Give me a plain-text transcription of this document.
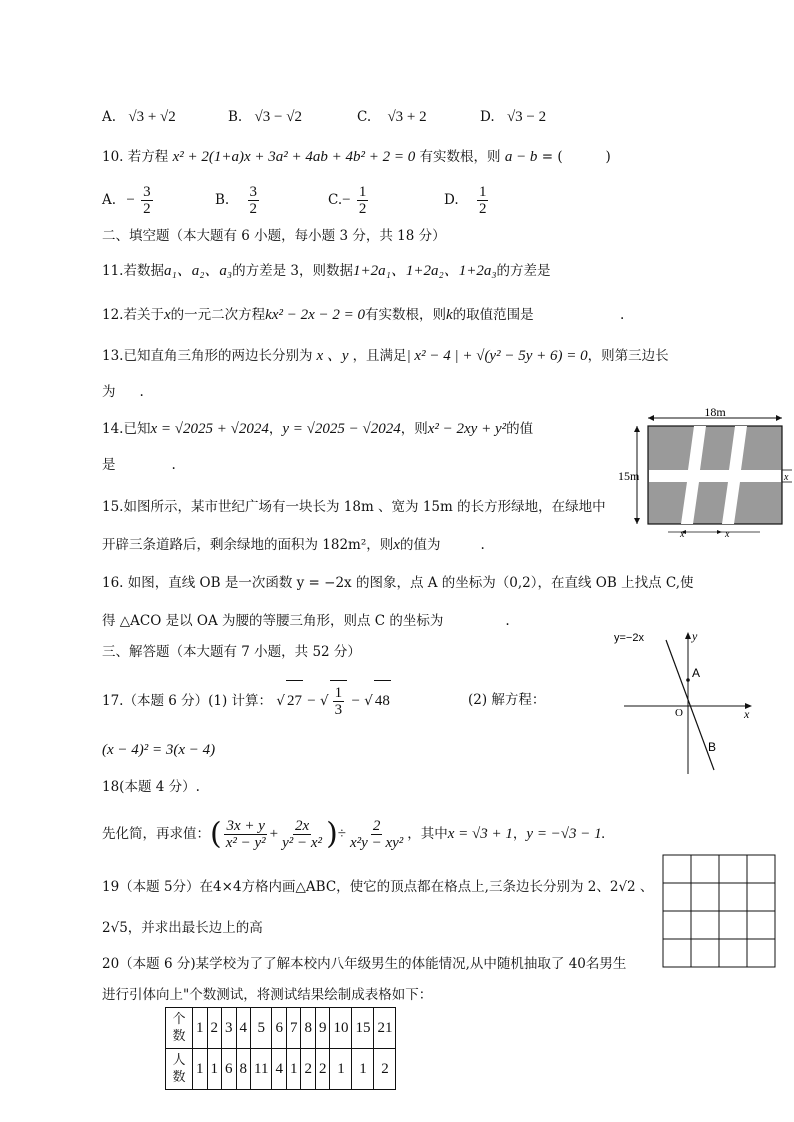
A. √3 + √2	B. √3 − √2	C. √3 + 2	D. √3 − 2
10. 若方程 x² + 2(1+a)x + 3a² + 4ab + 4b² + 2 = 0 有实数根，则 a − b = (          )
A. − $\frac{3}{2}$	B. $\frac{3}{2}$	$C.- \frac{1}{2}$	D. $\frac{1}{2}$
二、填空题（本大题有 6 小题，每小题 3 分，共 18 分）
11.若数据a₁、a₂、a₃的方差是 3，则数据1+2a₁、1+2a₂、1+2a₃的方差是
12.若关于x的一元二次方程kx² − 2x − 2 = 0有实数根，则k的取值范围是	.
13.已知直角三角形的两边长分别为 x 、y ，且满足| x² − 4 | + √(y² − 5y + 6) = 0，则第三边长
为 .
14.已知x = √2025 + √2024，y = √2025 − √2024，则x² − 2xy + y²的值
是	.
15.如图所示，某市世纪广场有一块长为 18m 、宽为 15m 的长方形绿地，在绿地中
开辟三条道路后，剩余绿地的面积为 182m²，则x的值为	.
16. 如图，直线 OB 是一次函数 y = −2x 的图象，点 A 的坐标为（0,2），在直线 OB 上找点 C,使
得 △ACO 是以 OA 为腰的等腰三角形，则点 C 的坐标为	.
三、解答题（本大题有 7 小题，共 52 分）
17.（本题 6 分）(1) 计算： √ 27 − √ $\frac{1}{3}$ − √ 48	(2) 解方程：
(x − 4)² = 3(x − 4)
18(本题 4 分）.
先化简，再求值：( $\frac{3x + y}{\text{x² − y²}} + \frac{2x}{\text{y² − x²}}$ )÷ $\frac{2}{\text{x²y − xy²}}$ ，其中x = √3 + 1，y = −√3 − 1.
19（本题 5分）在4×4方格内画△ABC，使它的顶点都在格点上,三条边长分别为 2、2√2 、
2√5，并求出最长边上的高
20（本题 6 分)某学校为了了解本校内八年级男生的体能情况,从中随机抽取了 40名男生
进行引体向上"个数测试，将测试结果绘制成表格如下：
个数	1	2	3	4	5	6	7	8	9	10	15	21
人数	1	1	6	8	11	4	1	2	2	1	1	2
18m
15m	x
x	x
x
y
y=−2x
A
O
B
